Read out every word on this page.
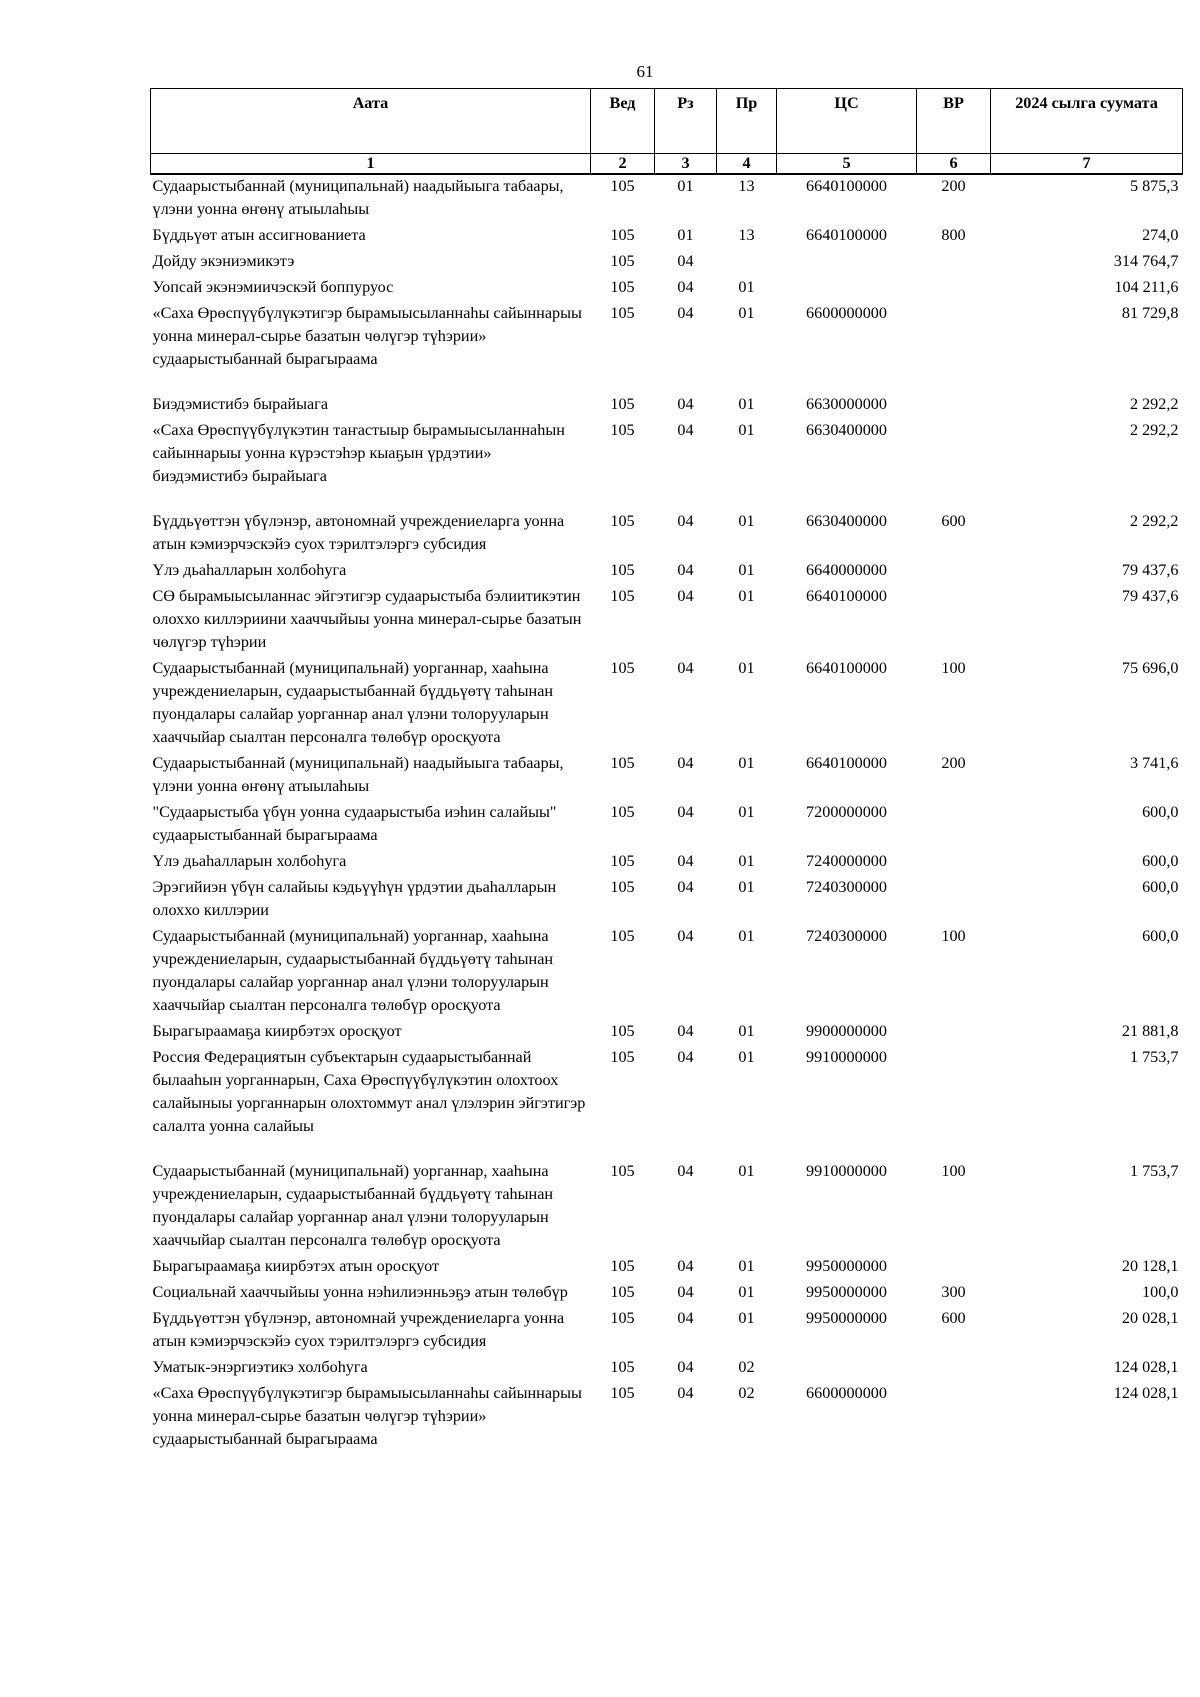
61
Аата	Вед	Рз	Пр	ЦС	ВР	2024 сылга суумата
1	2	3	4	5	6	7
Судаарыстыбаннай (муниципальнай) наадыйыыга табаары, үлэни уонна өҥөнү атыылаһыы	105	01	13	6640100000	200	5 875,3
Бүддьүөт атын ассигнованиета	105	01	13	6640100000	800	274,0
Дойду экэниэмикэтэ	105	04				314 764,7
Уопсай экэнэмиичэскэй боппуруос	105	04	01			104 211,6
«Саха Өрөспүүбүлүкэтигэр бырамыысыланнаһы сайыннарыы уонна минерал-сырье базатын чөлүгэр түһэрии» судаарыстыбаннай бырагыраама	105	04	01	6600000000		81 729,8
Биэдэмистибэ бырайыага	105	04	01	6630000000		2 292,2
«Саха Өрөспүүбүлүкэтин таҥастыыр бырамыысыланнаһын сайыннарыы уонна күрэстэһэр кыаҕын үрдэтии» биэдэмистибэ бырайыага	105	04	01	6630400000		2 292,2
Бүддьүөттэн үбүлэнэр, автономнай учреждениеларга уонна атын кэмиэрчэскэйэ суох тэрилтэлэргэ субсидия	105	04	01	6630400000	600	2 292,2
Үлэ дьаһалларын холбоһуга	105	04	01	6640000000		79 437,6
СӨ бырамыысыланнас эйгэтигэр судаарыстыба бэлиитикэтин олоххо киллэриини хааччыйыы уонна минерал-сырье базатын чөлүгэр түһэрии	105	04	01	6640100000		79 437,6
Судаарыстыбаннай (муниципальнай) уорганнар, хааһына учреждениеларын, судаарыстыбаннай бүддьүөтү таһынан пуондалары салайар уорганнар анал үлэни толорууларын хааччыйар сыалтан персоналга төлөбүр оросқуота	105	04	01	6640100000	100	75 696,0
Судаарыстыбаннай (муниципальнай) наадыйыыга табаары, үлэни уонна өҥөнү атыылаһыы	105	04	01	6640100000	200	3 741,6
"Судаарыстыба үбүн уонна судаарыстыба иэһин салайыы" судаарыстыбаннай бырагыраама	105	04	01	7200000000		600,0
Үлэ дьаһалларын холбоһуга	105	04	01	7240000000		600,0
Эрэгийиэн үбүн салайыы кэдьүүһүн үрдэтии дьаһалларын олоххо киллэрии	105	04	01	7240300000		600,0
Судаарыстыбаннай (муниципальнай) уорганнар, хааһына учреждениеларын, судаарыстыбаннай бүддьүөтү таһынан пуондалары салайар уорганнар анал үлэни толорууларын хааччыйар сыалтан персоналга төлөбүр оросқуота	105	04	01	7240300000	100	600,0
Бырагыраамаҕа киирбэтэх оросқуот	105	04	01	9900000000		21 881,8
Россия Федерациятын субъектарын судаарыстыбаннай былааһын уорганнарын, Саха Өрөспүүбүлүкэтин олохтоох салайыныы уорганнарын олохтоммут анал үлэлэрин эйгэтигэр салалта уонна салайыы	105	04	01	9910000000		1 753,7
Судаарыстыбаннай (муниципальнай) уорганнар, хааһына учреждениеларын, судаарыстыбаннай бүддьүөтү таһынан пуондалары салайар уорганнар анал үлэни толорууларын хааччыйар сыалтан персоналга төлөбүр оросқуота	105	04	01	9910000000	100	1 753,7
Бырагыраамаҕа киирбэтэх атын оросқуот	105	04	01	9950000000		20 128,1
Социальнай хааччыйыы уонна нэһилиэнньэҕэ атын төлөбүр	105	04	01	9950000000	300	100,0
Бүддьүөттэн үбүлэнэр, автономнай учреждениеларга уонна атын кэмиэрчэскэйэ суох тэрилтэлэргэ субсидия	105	04	01	9950000000	600	20 028,1
Уматык-энэргиэтикэ холбоһуга	105	04	02			124 028,1
«Саха Өрөспүүбүлүкэтигэр бырамыысыланнаһы сайыннарыы уонна минерал-сырье базатын чөлүгэр түһэрии» судаарыстыбаннай бырагыраама	105	04	02	6600000000		124 028,1
